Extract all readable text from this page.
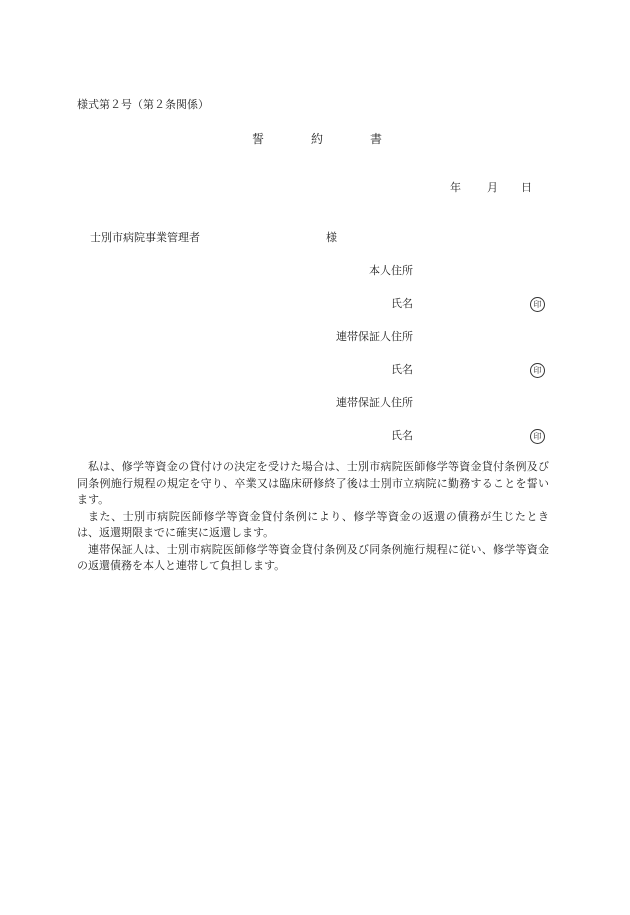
様式第２号（第２条関係）
誓	約	書
年 月 日
士別市病院事業管理者	様
本人住所
氏名	印
連帯保証人住所
氏名	印
連帯保証人住所
氏名	印

私は、修学等資金の貸付けの決定を受けた場合は、士別市病院医師修学等資金貸付条例及び同条例施行規程の規定を守り、卒業又は臨床研修終了後は士別市立病院に勤務することを誓います。

また、士別市病院医師修学等資金貸付条例により、修学等資金の返還の債務が生じたときは、返還期限までに確実に返還します。

連帯保証人は、士別市病院医師修学等資金貸付条例及び同条例施行規程に従い、修学等資金の返還債務を本人と連帯して負担します。
